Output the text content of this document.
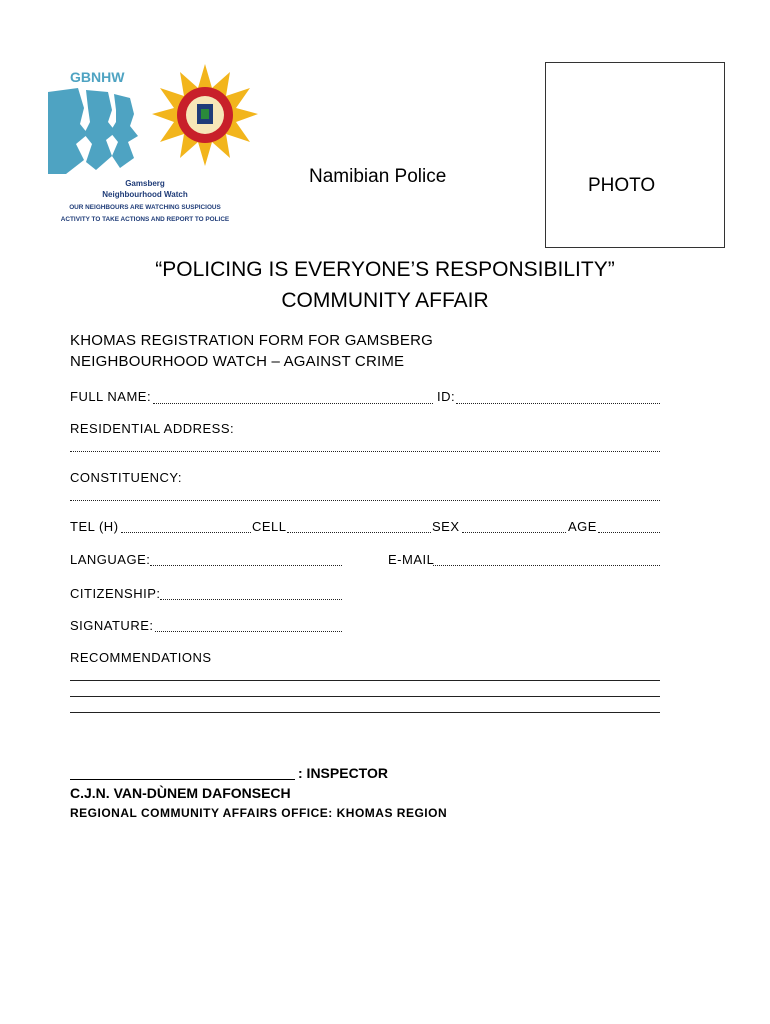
GBNHW
Gamsberg
Neighbourhood Watch
OUR NEIGHBOURS ARE WATCHING SUSPICIOUS
ACTIVITY TO TAKE ACTIONS AND REPORT TO POLICE
Namibian Police	PHOTO
“POLICING IS EVERYONE’S RESPONSIBILITY”
COMMUNITY AFFAIR
KHOMAS REGISTRATION FORM FOR GAMSBERG
NEIGHBOURHOOD WATCH – AGAINST CRIME
FULL NAME:	ID:
RESIDENTIAL ADDRESS:
CONSTITUENCY:
TEL (H)	CELL	SEX	AGE
LANGUAGE:	E-MAIL
CITIZENSHIP:
SIGNATURE:
RECOMMENDATIONS
: INSPECTOR
C.J.N. VAN-DÙNEM DAFONSECH
REGIONAL COMMUNITY AFFAIRS OFFICE: KHOMAS REGION
